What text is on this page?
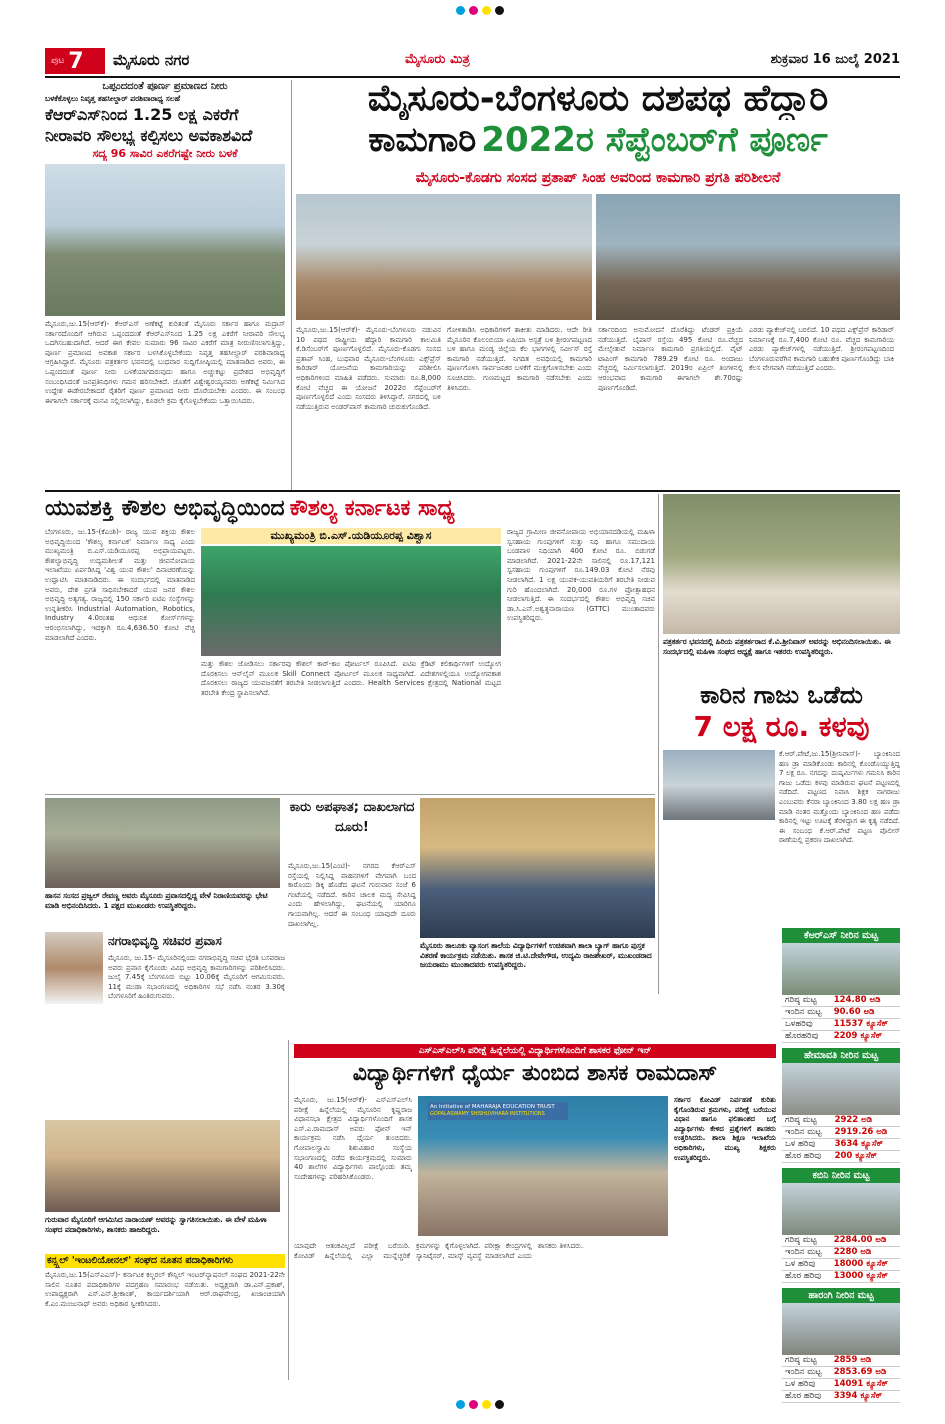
ಪುಟ 7 ಮೈಸೂರು ನಗರ	ಮೈಸೂರು ಮಿತ್ರ	ಶುಕ್ರವಾರ 16 ಜುಲೈ 2021
ಒಪ್ಪಂದದಂತೆ ಪೂರ್ಣ ಪ್ರಮಾಣದ ನೀರು
ಬಳಕೆಕೊಳ್ಳಲು ನಿವೃತ್ತ ತಹಸೀಲ್ದಾರ್ ಪರಶಿವಾರಾಧ್ಯ ಸಲಹೆ
ಕೆಆರ್‌ಎಸ್‌ನಿಂದ 1.25 ಲಕ್ಷ ಎಕರೆಗೆ
ನೀರಾವರಿ ಸೌಲಭ್ಯ ಕಲ್ಪಿಸಲು ಅವಕಾಶವಿದೆ
ಸದ್ಯ 96 ಸಾವಿರ ಎಕರೆಗಷ್ಟೇ ನೀರು ಬಳಕೆ
ಮೈಸೂರು,ಜು.15(ಆರ್‌ಕೆ)- ಕೆಆರ್‌ಎಸ್ ಅಣೆಕಟ್ಟೆ ಕುರಿತಂತೆ ಮೈಸೂರು ಸರ್ಕಾರ ಹಾಗೂ ಮದ್ರಾಸ್ ಸರ್ಕಾರದೊಂದಿಗೆ ಆಗಿರುವ ಒಪ್ಪಂದದಂತೆ ಕೆಆರ್‌ಎಸ್‌ನಿಂದ 1.25 ಲಕ್ಷ ಎಕರೆಗೆ ನೀರಾವರಿ ಸೌಲಭ್ಯ ಒದಗಿಸಬಹುದಾಗಿದೆ. ಆದರೆ ಈಗ ಕೇವಲ ಸುಮಾರು 96 ಸಾವಿರ ಎಕರೆಗೆ ಮಾತ್ರ ನೀರುಣಿಸಲಾಗುತ್ತಿದ್ದು, ಪೂರ್ಣ ಪ್ರಮಾಣದ ಅವಕಾಶ ಸರ್ಕಾರ ಬಳಸಿಕೊಳ್ಳಬೇಕೆಂದು ನಿವೃತ್ತ ತಹಸೀಲ್ದಾರ್ ಪರಶಿವಾರಾಧ್ಯ ಆಗ್ರಹಿಸಿದ್ದಾರೆ. ಮೈಸೂರು ಪತ್ರಕರ್ತರ ಭವನದಲ್ಲಿ ಬುಧವಾರ ಸುದ್ದಿಗೋಷ್ಠಿಯಲ್ಲಿ ಮಾತನಾಡಿದ ಅವರು, ಈ ಒಪ್ಪಂದದಂತೆ ಪೂರ್ಣ ನೀರು ಬಳಕೆಯಾಗದಿರುವುದು ಹಾಗೂ ಅಚ್ಚುಕಟ್ಟು ಪ್ರದೇಶದ ಅಭಿವೃದ್ಧಿಗೆ ಸಂಬಂಧಿಸಿದಂತೆ ಜನಪ್ರತಿನಿಧಿಗಳು ಗಮನ ಹರಿಸಬೇಕಿದೆ. ಜೊತೆಗೆ ವಿಶ್ವೇಶ್ವರಯ್ಯನವರು ಅಣೆಕಟ್ಟೆ ನಿರ್ಮಿಸಿದ ಉದ್ದೇಶ ಈಡೇರಬೇಕಾದರೆ ರೈತರಿಗೆ ಪೂರ್ಣ ಪ್ರಮಾಣದ ನೀರು ದೊರೆಯಬೇಕು ಎಂದರು. ಈ ಸಂಬಂಧ ಈಗಾಗಲೇ ಸರ್ಕಾರಕ್ಕೆ ಮನವಿ ಸಲ್ಲಿಸಲಾಗಿದ್ದು, ಕೂಡಲೇ ಕ್ರಮ ಕೈಗೊಳ್ಳಬೇಕೆಂದು ಒತ್ತಾಯಿಸಿದರು.
ಮೈಸೂರು-ಬೆಂಗಳೂರು ದಶಪಥ ಹೆದ್ದಾರಿ
ಕಾಮಗಾರಿ 2022ರ ಸೆಪ್ಟೆಂಬರ್‌ಗೆ ಪೂರ್ಣ
ಮೈಸೂರು-ಕೊಡಗು ಸಂಸದ ಪ್ರತಾಪ್ ಸಿಂಹ ಅವರಿಂದ ಕಾಮಗಾರಿ ಪ್ರಗತಿ ಪರಿಶೀಲನೆ
ಮೈಸೂರು,ಜು.15(ಆರ್‌ಕೆ)- ಮೈಸೂರು-ಬೆಂಗಳೂರು ನಡುವಿನ 10 ಪಥದ ರಾಷ್ಟ್ರೀಯ ಹೆದ್ದಾರಿ ಕಾಮಗಾರಿ ಕಾಲಮಿತಿ ಕೆ.ಡಿಸೆಂಬರ್‌ಗೆ ಪೂರ್ಣಗೊಳ್ಳಲಿದೆ. ಮೈಸೂರು-ಕೊಡಗು ಸಂಸದ ಪ್ರತಾಪ್ ಸಿಂಹ, ಬುಧವಾರ ಮೈಸೂರು-ಬೆಂಗಳೂರು ಎಕ್ಸ್‌ಪ್ರೆಸ್ ಕಾರಿಡಾರ್ ಯೋಜನೆಯ ಕಾಮಗಾರಿಯನ್ನು ಪರಿಶೀಲಿಸಿ ಅಧಿಕಾರಿಗಳಿಂದ ಮಾಹಿತಿ ಪಡೆದರು. ಸುಮಾರು ರೂ.8,000 ಕೋಟಿ ವೆಚ್ಚದ ಈ ಯೋಜನೆ 2022ರ ಸೆಪ್ಟೆಂಬರ್‌ಗೆ ಪೂರ್ಣಗೊಳ್ಳಲಿದೆ ಎಂದು ಸಂಸದರು ತಿಳಿಸಿದ್ದಾರೆ. ನಗರದಲ್ಲಿ ಬಳಿ ನಡೆಯುತ್ತಿರುವ ಅಂಡರ್‌ಪಾಸ್ ಕಾಮಗಾರಿ ಚುರುಕುಗೊಂಡಿದೆ.
ಗೋಳಿತಾಡಿಸಿ ಅಧಿಕಾರಿಗಳಿಗೆ ತಾಕೀತು ಮಾಡಿದರು. ಆದೇ ರೀತಿ ಮೈಸೂರಿನ ಕೊಲಂಬಿಯಾ ಏಷಿಯಾ ಆಸ್ಪತ್ರೆ ಬಳಿ ಶ್ರೀರಂಗಪಟ್ಟಣದ ಬಳಿ ಹಾಗೂ ಮಂಡ್ಯ ಜಿಲ್ಲೆಯ ಕೆಲ ಭಾಗಗಳಲ್ಲಿ ಸರ್ವೀಸ್ ರಸ್ತೆ ಕಾಮಗಾರಿ ನಡೆಯುತ್ತಿದೆ. ನಿಗದಿತ ಅವಧಿಯಲ್ಲಿ ಕಾಮಗಾರಿ ಪೂರ್ಣಗೊಳಿಸಿ ಸಾರ್ವಜನಿಕರ ಬಳಕೆಗೆ ಮುಕ್ತಗೊಳಿಸಬೇಕು ಎಂದು ಸೂಚಿಸಿದರು. ಗುಣಮಟ್ಟದ ಕಾಮಗಾರಿ ನಡೆಸಬೇಕು ಎಂದು ತಿಳಿಸಿದರು.
ಸರ್ಕಾರದಿಂದ ಅನುಮೋದನೆ ದೊರೆತಿದ್ದು ಟೆಂಡರ್ ಪ್ರಕ್ರಿಯೆ ನಡೆಯುತ್ತಿದೆ. ಬೈಪಾಸ್ ರಸ್ತೆಯ 495 ಕೋಟಿ ರೂ.ವೆಚ್ಚದ ಮೇಲ್ಸೇತುವೆ ನಿರ್ಮಾಣ ಕಾಮಗಾರಿ ಪ್ರಗತಿಯಲ್ಲಿದೆ. ವೈಟ್ ಟಾಪಿಂಗ್ ಕಾಮಗಾರಿ 789.29 ಕೋಟಿ ರೂ. ಅಂದಾಜು ವೆಚ್ಚದಲ್ಲಿ ನಿರ್ಮಿಸಲಾಗುತ್ತಿದೆ. 2019ರ ಏಪ್ರಿಲ್ ತಿಂಗಳಿನಲ್ಲಿ ಆರಂಭವಾದ ಕಾಮಗಾರಿ ಈಗಾಗಲೇ ಶೇ.70ರಷ್ಟು ಪೂರ್ಣಗೊಂಡಿದೆ.
ಎರಡು ಪ್ಯಾಕೇಜ್‌ನಲ್ಲಿ ಬರಲಿದೆ. 10 ಪಥದ ಎಕ್ಸ್‌ಪ್ರೆಸ್ ಕಾರಿಡಾರ್ ನಿರ್ಮಾಣಕ್ಕೆ ರೂ.7,400 ಕೋಟಿ ರೂ. ವೆಚ್ಚದ ಕಾಮಗಾರಿಯ ಎರಡು ಪ್ಯಾಕೇಜ್‌ಗಳಲ್ಲಿ ನಡೆಯುತ್ತಿದೆ. ಶ್ರೀರಂಗಪಟ್ಟಣದಿಂದ ಬೆಂಗಳೂರುವರೆಗಿನ ಕಾಮಗಾರಿ ಬಹುತೇಕ ಪೂರ್ಣಗೊಂಡಿದ್ದು ಬಾಕಿ ಕೆಲಸ ವೇಗವಾಗಿ ನಡೆಯುತ್ತಿದೆ ಎಂದರು.
ಯುವಶಕ್ತಿ ಕೌಶಲ ಅಭಿವೃದ್ಧಿಯಿಂದ ಕೌಶಲ್ಯ ಕರ್ನಾಟಕ ಸಾಧ್ಯ
ಬೆಂಗಳೂರು, ಜು.15-(ಕೆಎಂಶಿ)- ರಾಜ್ಯ ಯುವ ಶಕ್ತಿಯ ಕೌಶಲ ಅಭಿವೃದ್ಧಿಯಿಂದ 'ಕೌಶಲ್ಯ ಕರ್ನಾಟಕ' ನಿರ್ಮಾಣ ಸಾಧ್ಯ ಎಂದು ಮುಖ್ಯಮಂತ್ರಿ ಬಿ.ಎಸ್.ಯಡಿಯೂರಪ್ಪ ಅಭಿಪ್ರಾಯಪಟ್ಟರು. ಕೌಶಲ್ಯಾಭಿವೃದ್ಧಿ ಉದ್ಯಮಶೀಲತೆ ಮತ್ತು ಜೀವನೋಪಾಯ ಇಲಾಖೆಯು ಏರ್ಪಡಿಸಿದ್ದ 'ವಿಶ್ವ ಯುವ ಕೌಶಲ' ದಿನಾಚರಣೆಯನ್ನು ಉದ್ಘಾಟಿಸಿ ಮಾತನಾಡಿದರು. ಈ ಸಂದರ್ಭದಲ್ಲಿ ಮಾತನಾಡಿದ ಅವರು, ದೇಶ ಪ್ರಗತಿ ಸಾಧಿಸಬೇಕಾದರೆ ಯುವ ಜನರ ಕೌಶಲ ಅಭಿವೃದ್ಧಿ ಅತ್ಯಗತ್ಯ. ರಾಜ್ಯದಲ್ಲಿ 150 ಸರ್ಕಾರಿ ಐಟಿಐ ಸಂಸ್ಥೆಗಳನ್ನು ಉನ್ನತೀಕರಿಸಿ Industrial Automation, Robotics, Industry 4.0ರಂತಹ ಆಧುನಿಕ ಕೋರ್ಸ್‌ಗಳನ್ನು ಆರಂಭಿಸಲಾಗಿದ್ದು, ಇದಕ್ಕಾಗಿ ರೂ.4,636.50 ಕೋಟಿ ವೆಚ್ಚ ಮಾಡಲಾಗಿದೆ ಎಂದರು.
ಮುಖ್ಯಮಂತ್ರಿ ಬಿ.ಎಸ್.ಯಡಿಯೂರಪ್ಪ ವಿಶ್ವಾಸ
ಮತ್ತು ಕೌಶಲ ಜೋಡಿಸಲು ಸರ್ಕಾರವು ಕೌಶಲ್ ಕಾರ್-ಕಾಂ ಪೋರ್ಟಲ್ ರೂಪಿಸಿದೆ. ಐಟಿಐ ಕ್ರೆಡಿಟ್ ಕಲಿಕಾರ್ಥಿಗಳಿಗೆ ಉದ್ಯೋಗ ದೊರಕಿಸಲು ಆನ್‌ಲೈನ್ ಮೂಲಕ Skill Connect ಪೋರ್ಟಲ್ ಮೂಲಕ ಸಾಧ್ಯವಾಗಿದೆ. ವಿದೇಶಗಳಲ್ಲಿಯೂ ಉದ್ಯೋಗವಕಾಶ ದೊರಕಿಸಲು ರಾಜ್ಯದ ಯುವಜನತೆಗೆ ತರಬೇತಿ ನೀಡಲಾಗುತ್ತಿದೆ ಎಂದರು. Health Services ಕ್ಷೇತ್ರದಲ್ಲಿ National ಮಟ್ಟದ ತರಬೇತಿ ಕೇಂದ್ರ ಸ್ಥಾಪಿಸಲಾಗಿದೆ.
ರಾಜ್ಯದ ಗ್ರಾಮೀಣ ಜೀವನೋಪಾಯ ಅಭಿಯಾನದಡಿಯಲ್ಲಿ ಮಹಿಳಾ ಸ್ವಸಹಾಯ ಗುಂಪುಗಳಿಗೆ ಸುತ್ತು ನಿಧಿ ಹಾಗೂ ಸಮುದಾಯ ಬಂಡವಾಳ ನಿಧಿಯಾಗಿ 400 ಕೋಟಿ ರೂ. ಬಿಡುಗಡೆ ಮಾಡಲಾಗಿದೆ. 2021-22ನೇ ಸಾಲಿನಲ್ಲಿ ರೂ.17,121 ಸ್ವಸಹಾಯ ಗುಂಪುಗಳಿಗೆ ರೂ.149.03 ಕೋಟಿ ನೆರವು ನೀಡಲಾಗಿದೆ. 1 ಲಕ್ಷ ಯುವಕ-ಯುವತಿಯರಿಗೆ ತರಬೇತಿ ನೀಡುವ ಗುರಿ ಹೊಂದಲಾಗಿದೆ. 20,000 ರೂ.ಗಳ ಪ್ರೋತ್ಸಾಹಧನ ನೀಡಲಾಗುತ್ತಿದೆ. ಈ ಸಂದರ್ಭದಲ್ಲಿ ಕೌಶಲ ಅಭಿವೃದ್ಧಿ ಸಚಿವ ಡಾ.ಸಿ.ಎನ್.ಅಶ್ವತ್ಥನಾರಾಯಣ (GTTC) ಮುಂತಾದವರು ಉಪಸ್ಥಿತರಿದ್ದರು.
ಪತ್ರಕರ್ತರ ಭವನದಲ್ಲಿ ಹಿರಿಯ ಪತ್ರಕರ್ತರಾದ ಕೆ.ವಿ.ಶ್ರೀನಿವಾಸ್ ಅವರನ್ನು ಅಭಿನಂದಿಸಲಾಯಿತು. ಈ ಸಂದರ್ಭದಲ್ಲಿ ಮಹಿಳಾ ಸಂಘದ ಅಧ್ಯಕ್ಷೆ ಹಾಗೂ ಇತರರು ಉಪಸ್ಥಿತರಿದ್ದರು.
ಕಾರಿನ ಗಾಜು ಒಡೆದು
7 ಲಕ್ಷ ರೂ. ಕಳವು
ಕೆ.ಆರ್.ಪೇಟೆ,ಜು.15(ಶ್ರೀನಿವಾಸ್)- ಬ್ಯಾಂಕಿನಿಂದ ಹಣ ಡ್ರಾ ಮಾಡಿಕೊಂಡು ಕಾರಿನಲ್ಲಿ ಕೊಂಡೊಯ್ಯುತ್ತಿದ್ದ 7 ಲಕ್ಷ ರೂ. ನಗದನ್ನು ದುಷ್ಕರ್ಮಿಗಳು ಗಮನಿಸಿ ಕಾರಿನ ಗಾಜು ಒಡೆದು ಕಳವು ಮಾಡಿರುವ ಘಟನೆ ಪಟ್ಟಣದಲ್ಲಿ ನಡೆದಿದೆ. ಪಟ್ಟಣದ ನಿವಾಸಿ ಶಿಕ್ಷಕ ನಾಗರಾಜು ಎಂಬುವರು ಕೆನರಾ ಬ್ಯಾಂಕಿನಿಂದ 3.80 ಲಕ್ಷ ಹಣ ಡ್ರಾ ಮಾಡಿ ನಂತರ ಮತ್ತೊಂದು ಬ್ಯಾಂಕಿನಿಂದ ಹಣ ಪಡೆದು ಕಾರಿನಲ್ಲಿ ಇಟ್ಟು ಊಟಕ್ಕೆ ತೆರಳಿದ್ದಾಗ ಈ ಕೃತ್ಯ ನಡೆದಿದೆ. ಈ ಸಂಬಂಧ ಕೆ.ಆರ್.ಪೇಟೆ ಪಟ್ಟಣ ಪೊಲೀಸ್ ಠಾಣೆಯಲ್ಲಿ ಪ್ರಕರಣ ದಾಖಲಾಗಿದೆ.
ಕೆಆರ್‌ಎಸ್ ನೀರಿನ ಮಟ್ಟ
ಗರಿಷ್ಠ ಮಟ್ಟ	124.80 ಅಡಿ
ಇಂದಿನ ಮಟ್ಟ	90.60 ಅಡಿ
ಒಳಹರಿವು	11537 ಕ್ಯೂಸೆಕ್
ಹೊರಹರಿವು	2209 ಕ್ಯೂಸೆಕ್
ಹೇಮಾವತಿ ನೀರಿನ ಮಟ್ಟ
ಗರಿಷ್ಠ ಮಟ್ಟ	2922 ಅಡಿ
ಇಂದಿನ ಮಟ್ಟ	2919.26 ಅಡಿ
ಒಳ ಹರಿವು	3634 ಕ್ಯೂಸೆಕ್
ಹೊರ ಹರಿವು	200 ಕ್ಯೂಸೆಕ್
ಕಬಿನಿ ನೀರಿನ ಮಟ್ಟ
ಗರಿಷ್ಠ ಮಟ್ಟ	2284.00 ಅಡಿ
ಇಂದಿನ ಮಟ್ಟ	2280 ಅಡಿ
ಒಳ ಹರಿವು	18000 ಕ್ಯೂಸೆಕ್
ಹೊರ ಹರಿವು	13000 ಕ್ಯೂಸೆಕ್
ಹಾರಂಗಿ ನೀರಿನ ಮಟ್ಟ
ಗರಿಷ್ಠ ಮಟ್ಟ	2859 ಅಡಿ
ಇಂದಿನ ಮಟ್ಟ	2853.69 ಅಡಿ
ಒಳ ಹರಿವು	14091 ಕ್ಯೂಸೆಕ್
ಹೊರ ಹರಿವು	3394 ಕ್ಯೂಸೆಕ್
ಹಾಸನ ಸಂಸದ ಪ್ರಜ್ವಲ್ ರೇವಣ್ಣ ಅವರು ಮೈಸೂರು ಪ್ರವಾಸದಲ್ಲಿದ್ದ ವೇಳೆ ನಿರಾಣಿಯವರನ್ನು ಭೇಟಿ ಮಾಡಿ ಅಭಿನಂದಿಸಿದರು. 1 ಪಕ್ಷದ ಮುಖಂಡರು ಉಪಸ್ಥಿತರಿದ್ದರು.
ಕಾರು ಅಪಘಾತ; ದಾಖಲಾಗದ ದೂರು!
ಮೈಸೂರು,ಜು.15(ಎಂಟಿ)- ನಗರದ ಕೆಆರ್‌ಎಸ್ ರಸ್ತೆಯಲ್ಲಿ ನಿಲ್ಲಿಸಿದ್ದ ವಾಹನಗಳಿಗೆ ವೇಗವಾಗಿ ಬಂದ ಕಾರೊಂದು ಡಿಕ್ಕಿ ಹೊಡೆದ ಘಟನೆ ಗುರುವಾರ ಸಂಜೆ 6 ಗಂಟೆಯಲ್ಲಿ ನಡೆದಿದೆ. ಕಾರಿನ ಚಾಲಕ ಮದ್ಯ ಸೇವಿಸಿದ್ದ ಎಂದು ಹೇಳಲಾಗಿದ್ದು, ಘಟನೆಯಲ್ಲಿ ಯಾರಿಗೂ ಗಾಯವಾಗಿಲ್ಲ. ಆದರೆ ಈ ಸಂಬಂಧ ಯಾವುದೇ ದೂರು ದಾಖಲಾಗಿಲ್ಲ.
ಮೈಸೂರು ತಾಲೂಕು ವ್ಯಾಸಂಗ ಶಾಲೆಯ ವಿದ್ಯಾರ್ಥಿಗಳಿಗೆ ಉಚಿತವಾಗಿ ಶಾಲಾ ಬ್ಯಾಗ್ ಹಾಗೂ ಪುಸ್ತಕ ವಿತರಣೆ ಕಾರ್ಯಕ್ರಮ ನಡೆಯಿತು. ಶಾಸಕ ಜಿ.ಟಿ.ದೇವೇಗೌಡ, ಉದ್ಯಮಿ ರಾಜಶೇಖರ್, ಮುಖಂಡರಾದ ಜಯರಾಮು ಮುಂತಾದವರು ಉಪಸ್ಥಿತರಿದ್ದರು.
ನಗರಾಭಿವೃದ್ಧಿ ಸಚಿವರ ಪ್ರವಾಸ
ಮೈಸೂರು, ಜು.15- ಮೈಸೂರಿನಲ್ಲಿಂದು ನಗರಾಭಿವೃದ್ಧಿ ಸಚಿವ ಭೈರತಿ ಬಸವರಾಜ ಅವರು ಪ್ರವಾಸ ಕೈಗೊಂಡು ವಿವಿಧ ಅಭಿವೃದ್ಧಿ ಕಾಮಗಾರಿಗಳನ್ನು ಪರಿಶೀಲಿಸಿದರು. ಜುಲೈ 7.45ಕ್ಕೆ ಬೆಂಗಳೂರು ಬಿಟ್ಟು 10.06ಕ್ಕೆ ಮೈಸೂರಿಗೆ ಆಗಮಿಸುವರು. 11ಕ್ಕೆ ಮುಡಾ ಸಭಾಂಗಣದಲ್ಲಿ ಅಧಿಕಾರಿಗಳ ಸಭೆ ನಡೆಸಿ ನಂತರ 3.30ಕ್ಕೆ ಬೆಂಗಳೂರಿಗೆ ಹಿಂತಿರುಗುವರು.
ಗುರುವಾರ ಮೈಸೂರಿಗೆ ಆಗಮಿಸಿದ ನಾರಾಯಣ್ ಅವರನ್ನು ಸ್ವಾಗತಿಸಲಾಯಿತು. ಈ ವೇಳೆ ಮಹಿಳಾ ಸಂಘದ ಪದಾಧಿಕಾರಿಗಳು, ಶಾಸಕರು ಹಾಜರಿದ್ದರು.
ಕನ್ಸ್ಟ್ರಲ್ 'ಇಂಟಲಿಯೋನಲ್' ಸಂಘದ ನೂತನ ಪದಾಧಿಕಾರಿಗಳು
ಮೈಸೂರು,ಜು.15(ಎಸ್‌ಎಎಸ್)- ಕರ್ನಾಟಕ ಕಲ್ಚರಲ್ ಕೌನ್ಸಿಲ್ ಇಂಟರ್‌ನ್ಯಾಷನಲ್ ಸಂಘದ 2021-22ನೇ ಸಾಲಿನ ನೂತನ ಪದಾಧಿಕಾರಿಗಳ ಪದಗ್ರಹಣ ಸಮಾರಂಭ ನಡೆಯಿತು. ಅಧ್ಯಕ್ಷರಾಗಿ ಡಾ.ಎನ್.ಪ್ರಕಾಶ್, ಉಪಾಧ್ಯಕ್ಷರಾಗಿ ಎಸ್.ಎನ್.ಶ್ರೀಕಾಂತ್, ಕಾರ್ಯದರ್ಶಿಯಾಗಿ ಆರ್.ರಾಘವೇಂದ್ರ, ಖಜಾಂಚಿಯಾಗಿ ಕೆ.ಎಂ.ಮಂಜುನಾಥ್ ಅವರು ಅಧಿಕಾರ ಸ್ವೀಕರಿಸಿದರು.
ಎಸ್‌ಎಸ್‌ಎಲ್‌ಸಿ ಪರೀಕ್ಷೆ ಹಿನ್ನೆಲೆಯಲ್ಲಿ ವಿದ್ಯಾರ್ಥಿಗಳೊಂದಿಗೆ ಶಾಸಕರ ಫೋನ್ ಇನ್
ವಿದ್ಯಾರ್ಥಿಗಳಿಗೆ ಧೈರ್ಯ ತುಂಬಿದ ಶಾಸಕ ರಾಮದಾಸ್
ಮೈಸೂರು, ಜು.15(ಆರ್‌ಕೆ)- ಎಸ್‌ಎಸ್‌ಎಲ್‌ಸಿ ಪರೀಕ್ಷೆ ಹಿನ್ನೆಲೆಯಲ್ಲಿ ಮೈಸೂರಿನ ಕೃಷ್ಣರಾಜ ವಿಧಾನಸಭಾ ಕ್ಷೇತ್ರದ ವಿದ್ಯಾರ್ಥಿಗಳೊಂದಿಗೆ ಶಾಸಕ ಎಸ್.ಎ.ರಾಮದಾಸ್ ಅವರು ಫೋನ್ ಇನ್ ಕಾರ್ಯಕ್ರಮ ನಡೆಸಿ ಧೈರ್ಯ ತುಂಬಿದರು. ಗೋಪಾಲಸ್ವಾಮಿ ಶಿಶುವಿಹಾರ ಸಂಸ್ಥೆಯ ಸಭಾಂಗಣದಲ್ಲಿ ನಡೆದ ಕಾರ್ಯಕ್ರಮದಲ್ಲಿ ಸುಮಾರು 40 ಶಾಲೆಗಳ ವಿದ್ಯಾರ್ಥಿಗಳು ಪಾಲ್ಗೊಂಡು ತಮ್ಮ ಸಂದೇಹಗಳನ್ನು ಪರಿಹರಿಸಿಕೊಂಡರು.
An Initiative of MAHARAJA EDUCATION TRUST
GOPALASWAMY SHISHUVIHARA INSTITUTIONS
ಸರ್ಕಾರ ಕೋವಿಡ್ ನಿರ್ವಹಣೆ ಕುರಿತು ಕೈಗೊಂಡಿರುವ ಕ್ರಮಗಳು, ಪರೀಕ್ಷೆ ಬರೆಯುವ ವಿಧಾನ ಹಾಗೂ ಫಲಿತಾಂಶದ ಬಗ್ಗೆ ವಿದ್ಯಾರ್ಥಿಗಳು ಕೇಳಿದ ಪ್ರಶ್ನೆಗಳಿಗೆ ಶಾಸಕರು ಉತ್ತರಿಸಿದರು. ಶಾಲಾ ಶಿಕ್ಷಣ ಇಲಾಖೆಯ ಅಧಿಕಾರಿಗಳು, ಮುಖ್ಯ ಶಿಕ್ಷಕರು ಉಪಸ್ಥಿತರಿದ್ದರು.
ಯಾವುದೇ ಆತಂಕವಿಲ್ಲದೆ ಪರೀಕ್ಷೆ ಬರೆಯಿರಿ. ಕೋವಿಡ್ ಹಿನ್ನೆಲೆಯಲ್ಲಿ ಎಲ್ಲಾ ಮುನ್ನೆಚ್ಚರಿಕೆ ಕ್ರಮಗಳನ್ನು ಕೈಗೊಳ್ಳಲಾಗಿದೆ. ಪರೀಕ್ಷಾ ಕೇಂದ್ರಗಳಲ್ಲಿ ಸ್ಯಾನಿಟೈಸರ್, ಮಾಸ್ಕ್ ವ್ಯವಸ್ಥೆ ಮಾಡಲಾಗಿದೆ ಎಂದು ಶಾಸಕರು ತಿಳಿಸಿದರು.
